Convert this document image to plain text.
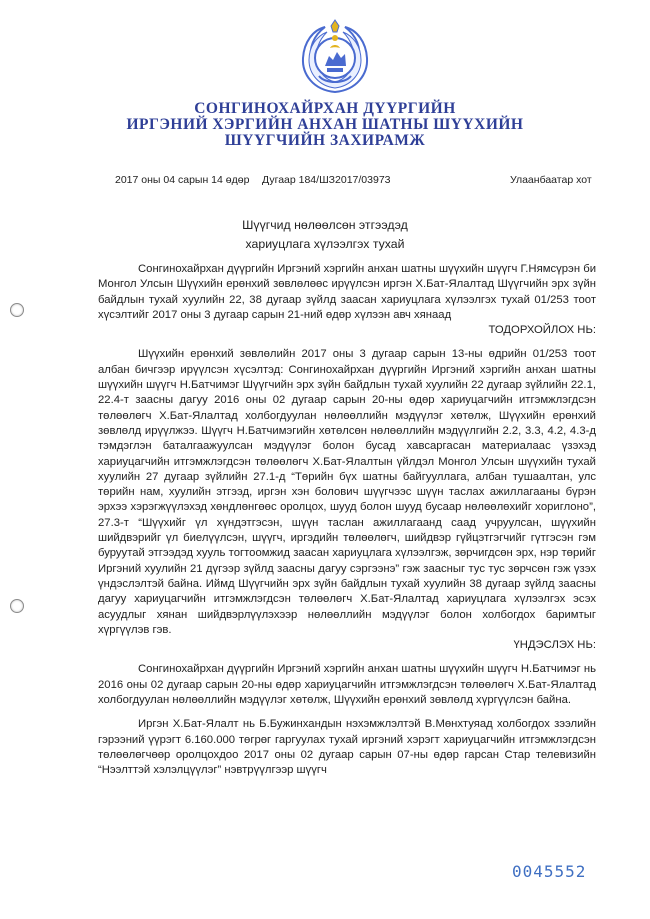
СОНГИНОХАЙРХАН ДҮҮРГИЙН
ИРГЭНИЙ ХЭРГИЙН АНХАН ШАТНЫ ШҮҮХИЙН
ШҮҮГЧИЙН ЗАХИРАМЖ
2017 оны 04 сарын 14 өдөр Дугаар 184/ШЗ2017/03973	Улаанбаатар хот
Шүүгчид нөлөөлсөн этгээдэд
хариуцлага хүлээлгэх тухай

Сонгинохайрхан дүүргийн Иргэний хэргийн анхан шатны шүүхийн шүүгч Г.Нямсүрэн би Монгол Улсын Шүүхийн ерөнхий зөвлөлөөс ирүүлсэн иргэн Х.Бат-Ялалтад Шүүгчийн эрх зүйн байдлын тухай хуулийн 22, 38 дугаар зүйлд заасан хариуцлага хүлээлгэх тухай 01/253 тоот хүсэлтийг 2017 оны 3 дугаар сарын 21-ний өдөр хүлээн авч хянаад

ТОДОРХОЙЛОХ НЬ:

Шүүхийн ерөнхий зөвлөлийн 2017 оны 3 дугаар сарын 13-ны өдрийн 01/253 тоот албан бичгээр ирүүлсэн хүсэлтэд: Сонгинохайрхан дүүргийн Иргэний хэргийн анхан шатны шүүхийн шүүгч Н.Батчимэг Шүүгчийн эрх зүйн байдлын тухай хуулийн 22 дугаар зүйлийн 22.1, 22.4-т заасны дагуу 2016 оны 02 дугаар сарын 20-ны өдөр хариуцагчийн итгэмжлэгдсэн төлөөлөгч Х.Бат-Ялалтад холбогдуулан нөлөөллийн мэдүүлэг хөтөлж, Шүүхийн ерөнхий зөвлөлд ирүүлжээ. Шүүгч Н.Батчимэгийн хөтөлсөн нөлөөллийн мэдүүлгийн 2.2, 3.3, 4.2, 4.3-д тэмдэглэн баталгаажуулсан мэдүүлэг болон бусад хавсаргасан материалаас үзэхэд хариуцагчийн итгэмжлэгдсэн төлөөлөгч Х.Бат-Ялалтын үйлдэл Монгол Улсын шүүхийн тухай хуулийн 27 дугаар зүйлийн 27.1-д “Төрийн бүх шатны байгууллага, албан тушаалтан, улс төрийн нам, хуулийн этгээд, иргэн хэн болович шүүгчээс шүүн таслах ажиллагааны бүрэн эрхээ хэрэгжүүлэхэд хөндлөнгөөс оролцох, шууд болон шууд бусаар нөлөөлөхийг хориглоно”, 27.3-т “Шүүхийг үл хүндэтгэсэн, шүүн таслан ажиллагаанд саад учруулсан, шүүхийн шийдвэрийг үл биелүүлсэн, шүүгч, иргэдийн төлөөлөгч, шийдвэр гүйцэтгэгчийг гүтгэсэн гэм буруутай этгээдэд хууль тогтоомжид заасан хариуцлага хүлээлгэж, зөрчигдсөн эрх, нэр төрийг Иргэний хуулийн 21 дүгээр зүйлд заасны дагуу сэргээнэ” гэж заасныг тус тус зөрчсөн гэж үзэх үндэслэлтэй байна. Иймд Шүүгчийн эрх зүйн байдлын тухай хуулийн 38 дугаар зүйлд заасны дагуу хариуцагчийн итгэмжлэгдсэн төлөөлөгч Х.Бат-Ялалтад хариуцлага хүлээлгэх эсэх асуудлыг хянан шийдвэрлүүлэхээр нөлөөллийн мэдүүлэг болон холбогдох баримтыг хүргүүлэв гэв.

ҮНДЭСЛЭХ НЬ:

Сонгинохайрхан дүүргийн Иргэний хэргийн анхан шатны шүүхийн шүүгч Н.Батчимэг нь 2016 оны 02 дугаар сарын 20-ны өдөр хариуцагчийн итгэмжлэгдсэн төлөөлөгч Х.Бат-Ялалтад холбогдуулан нөлөөллийн мэдүүлэг хөтөлж, Шүүхийн ерөнхий зөвлөлд хүргүүлсэн байна.

Иргэн Х.Бат-Ялалт нь Б.Бужинхандын нэхэмжлэлтэй В.Мөнхтуяад холбогдох зээлийн гэрээний үүрэгт 6.160.000 төгрөг гаргуулах тухай иргэний хэрэгт хариуцагчийн итгэмжлэгдсэн төлөөлөгчөөр оролцохдоо 2017 оны 02 дугаар сарын 07-ны өдөр гарсан Стар телевизийн “Нээлттэй хэлэлцүүлэг” нэвтрүүлгээр шүүгч

0045552
